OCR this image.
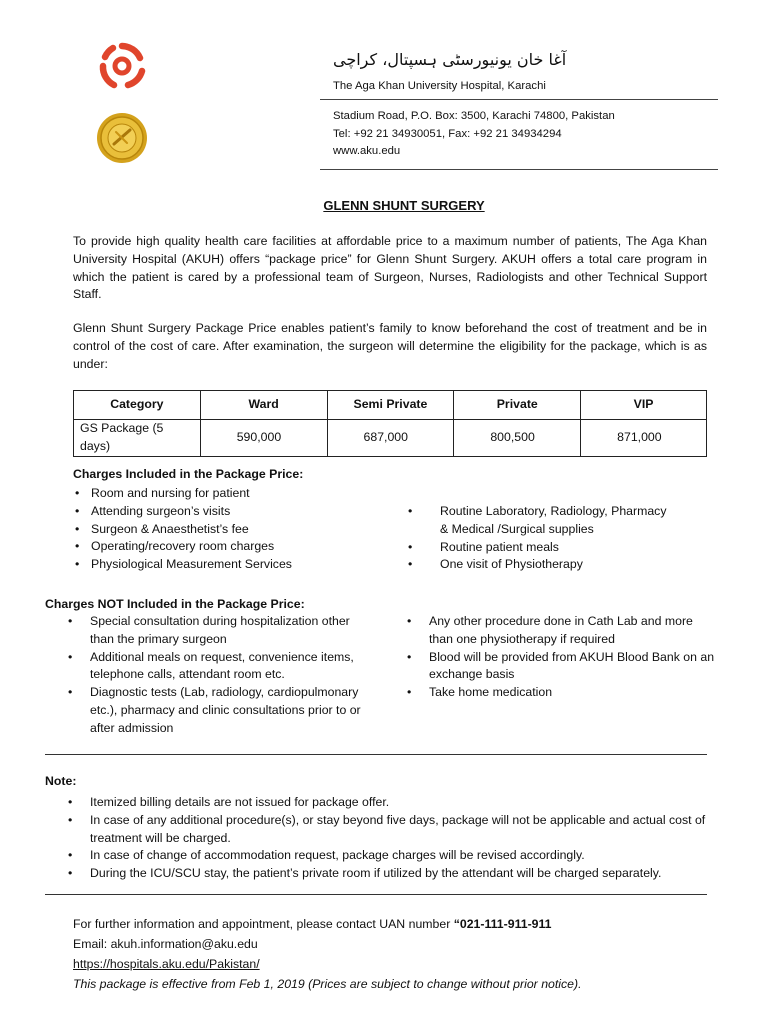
آغا خان یونیورسٹی ہسپتال، کراچی
The Aga Khan University Hospital, Karachi
Stadium Road, P.O. Box: 3500, Karachi 74800, Pakistan
Tel: +92 21 34930051, Fax: +92 21 34934294
www.aku.edu
GLENN SHUNT SURGERY
To provide high quality health care facilities at affordable price to a maximum number of patients, The Aga Khan University Hospital (AKUH) offers “package price” for Glenn Shunt Surgery. AKUH offers a total care program in which the patient is cared by a professional team of Surgeon, Nurses, Radiologists and other Technical Support Staff.
Glenn Shunt Surgery Package Price enables patient’s family to know beforehand the cost of treatment and be in control of the cost of care. After examination, the surgeon will determine the eligibility for the package, which is as under:
Category	Ward	Semi Private	Private	VIP
GS Package (5 days)	590,000	687,000	800,500	871,000
Charges Included in the Package Price:
• Room and nursing for patient
• Attending surgeon’s visits
• Surgeon & Anaesthetist’s fee
• Operating/recovery room charges
• Physiological Measurement Services
• Routine Laboratory, Radiology, Pharmacy
& Medical /Surgical supplies
• Routine patient meals
• One visit of Physiotherapy
Charges NOT Included in the Package Price:
• Special consultation during hospitalization other than the primary surgeon
• Additional meals on request, convenience items, telephone calls, attendant room etc.
• Diagnostic tests (Lab, radiology, cardiopulmonary etc.), pharmacy and clinic consultations prior to or after admission
• Any other procedure done in Cath Lab and more than one physiotherapy if required
• Blood will be provided from AKUH Blood Bank on an exchange basis
• Take home medication
Note:
• Itemized billing details are not issued for package offer.
• In case of any additional procedure(s), or stay beyond five days, package will not be applicable and actual cost of treatment will be charged.
• In case of change of accommodation request, package charges will be revised accordingly.
• During the ICU/SCU stay, the patient’s private room if utilized by the attendant will be charged separately.
For further information and appointment, please contact UAN number “021-111-911-911
Email: akuh.information@aku.edu
https://hospitals.aku.edu/Pakistan/
This package is effective from Feb 1, 2019 (Prices are subject to change without prior notice).
